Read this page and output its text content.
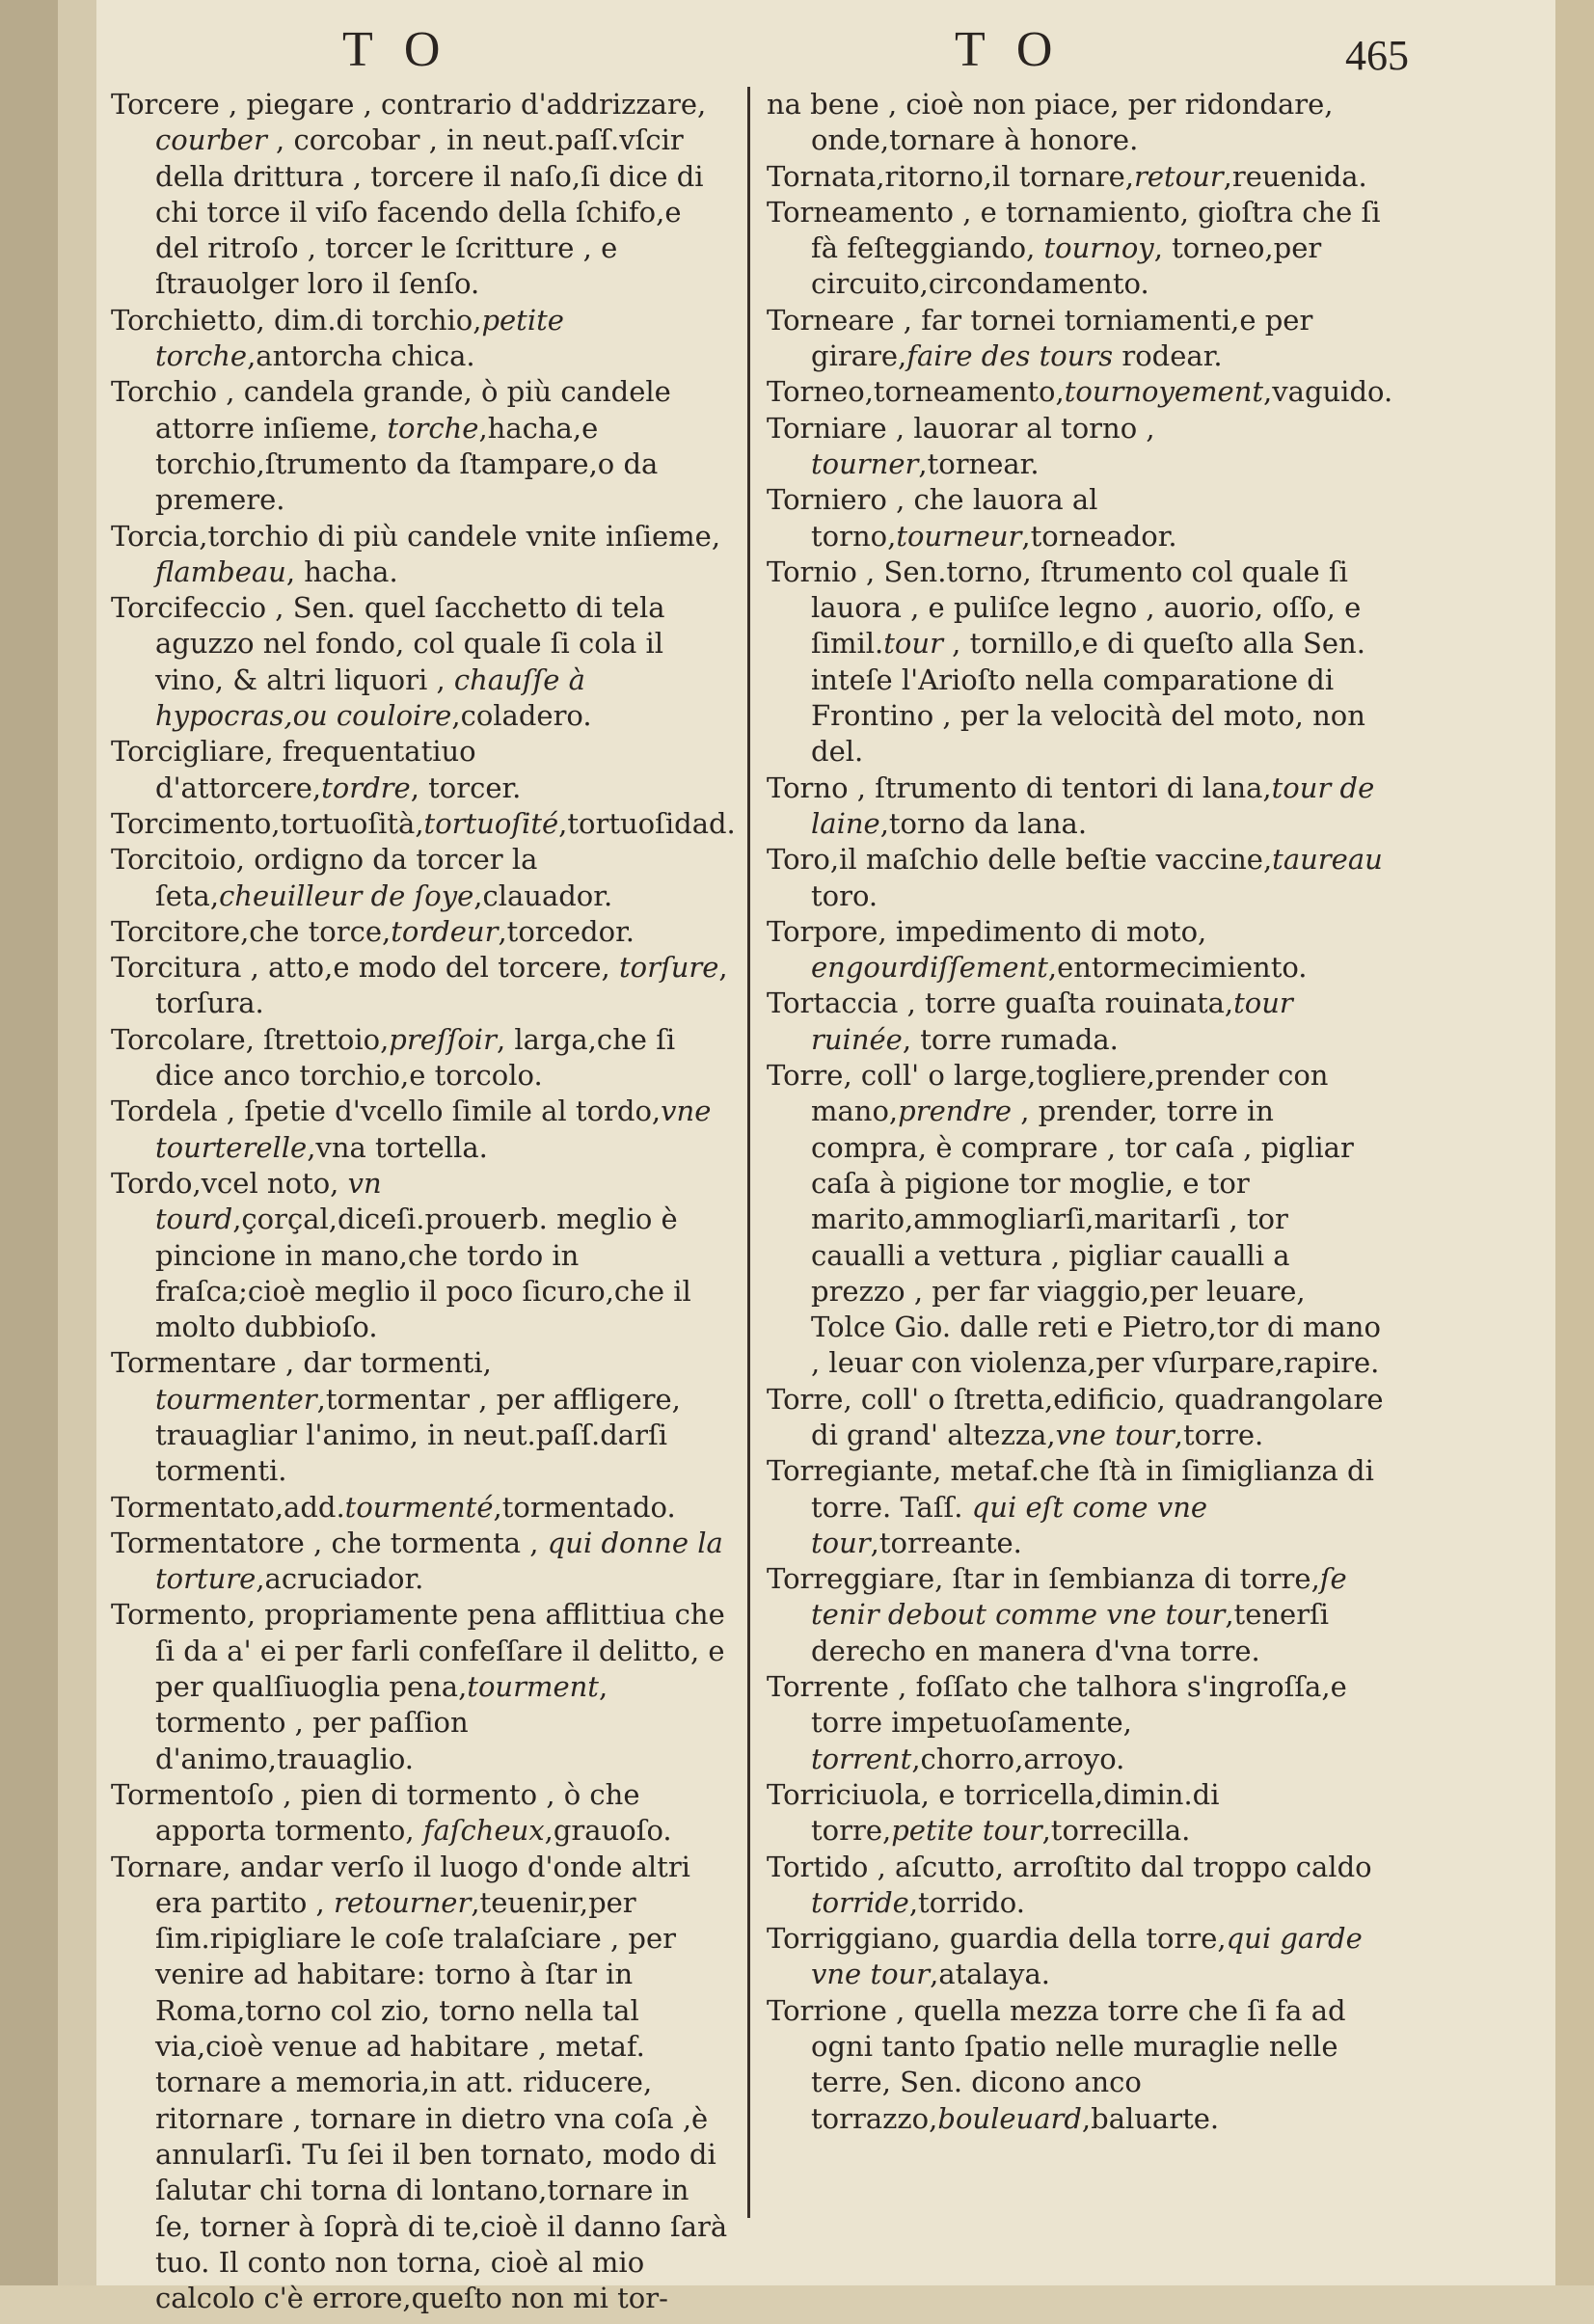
T O	T O	465

Torcere , piegare , contrario d'addrizzare, courber , corcobar , in neut.paſſ.vſcir della drittura , torcere il naſo,ſi dice di chi torce il viſo facendo della ſchifo,e del ritroſo , torcer le ſcritture , e ſtrauolger loro il ſenſo.

Torchietto, dim.di torchio,petite torche,antorcha chica.

Torchio , candela grande, ò più candele attorre inſieme, torche,hacha,e torchio,ſtrumento da ſtampare,o da premere.

Torcia,torchio di più candele vnite inſieme, flambeau, hacha.

Torcifeccio , Sen. quel ſacchetto di tela aguzzo nel fondo, col quale ſi cola il vino, & altri liquori , chauſſe à hypocras,ou couloire,coladero.

Torcigliare, frequentatiuo d'attorcere,tordre, torcer.

Torcimento,tortuoſità,tortuoſité,tortuoſidad.

Torcitoio, ordigno da torcer la ſeta,cheuilleur de ſoye,clauador.

Torcitore,che torce,tordeur,torcedor.

Torcitura , atto,e modo del torcere, torſure, torſura.

Torcolare, ſtrettoio,preſſoir, larga,che ſi dice anco torchio,e torcolo.

Tordela , ſpetie d'vcello ſimile al tordo,vne tourterelle,vna tortella.

Tordo,vcel noto, vn tourd,çorçal,diceſi.prouerb. meglio è pincione in mano,che tordo in fraſca;cioè meglio il poco ſicuro,che il molto dubbioſo.

Tormentare , dar tormenti, tourmenter,tormentar , per affligere, trauagliar l'animo, in neut.paſſ.darſi tormenti.

Tormentato,add.tourmenté,tormentado.

Tormentatore , che tormenta , qui donne la torture,acruciador.

Tormento, propriamente pena afflittiua che ſi da a' ei per farli confeſſare il delitto, e per qualſiuoglia pena,tourment, tormento , per paſſion d'animo,trauaglio.

Tormentoſo , pien di tormento , ò che apporta tormento, faſcheux,grauoſo.

Tornare, andar verſo il luogo d'onde altri era partito , retourner,teuenir,per ſim.ripigliare le coſe tralaſciare , per venire ad habitare: torno à ſtar in Roma,torno col zio, torno nella tal via,cioè venue ad habitare , metaf. tornare a memoria,in att. riducere, ritornare , tornare in dietro vna coſa ,è annularſi. Tu ſei il ben tornato, modo di ſalutar chi torna di lontano,tornare in ſe, torner à ſoprà di te,cioè il danno ſarà tuo. Il conto non torna, cioè al mio calcolo c'è errore,queſto non mi tor-

na bene , cioè non piace, per ridondare, onde,tornare à honore.

Tornata,ritorno,il tornare,retour,reuenida.

Torneamento , e tornamiento, gioſtra che ſi fà feſteggiando, tournoy, torneo,per circuito,circondamento.

Torneare , far tornei torniamenti,e per girare,faire des tours rodear.

Torneo,torneamento,tournoyement,vaguido.

Torniare , lauorar al torno , tourner,tornear.

Torniero , che lauora al torno,tourneur,torneador.

Tornio , Sen.torno, ſtrumento col quale ſi lauora , e puliſce legno , auorio, oſſo, e ſimil.tour , tornillo,e di queſto alla Sen. inteſe l'Arioſto nella comparatione di Frontino , per la velocità del moto, non del.

Torno , ſtrumento di tentori di lana,tour de laine,torno da lana.

Toro,il maſchio delle beſtie vaccine,taureau toro.

Torpore, impedimento di moto, engourdiſſement,entormecimiento.

Tortaccia , torre guaſta rouinata,tour ruinée, torre rumada.

Torre, coll' o large,togliere,prender con mano,prendre , prender, torre in compra, è comprare , tor caſa , pigliar caſa à pigione tor moglie, e tor marito,ammogliarſi,maritarſi , tor caualli a vettura , pigliar caualli a prezzo , per far viaggio,per leuare, Tolce Gio. dalle reti e Pietro,tor di mano , leuar con violenza,per vſurpare,rapire.

Torre, coll' o ſtretta,edificio, quadrangolare di grand' altezza,vne tour,torre.

Torregiante, metaf.che ſtà in ſimiglianza di torre. Taſſ. qui eſt come vne tour,torreante.

Torreggiare, ſtar in ſembianza di torre,ſe tenir debout comme vne tour,tenerſi derecho en manera d'vna torre.

Torrente , foſſato che talhora s'ingroſſa,e torre impetuoſamente, torrent,chorro,arroyo.

Torriciuola, e torricella,dimin.di torre,petite tour,torrecilla.

Tortido , aſcutto, arroſtito dal troppo caldo torride,torrido.

Torriggiano, guardia della torre,qui garde vne tour,atalaya.

Torrione , quella mezza torre che ſi fa ad ogni tanto ſpatio nelle muraglie nelle terre, Sen. dicono anco torrazzo,bouleuard,baluarte.
